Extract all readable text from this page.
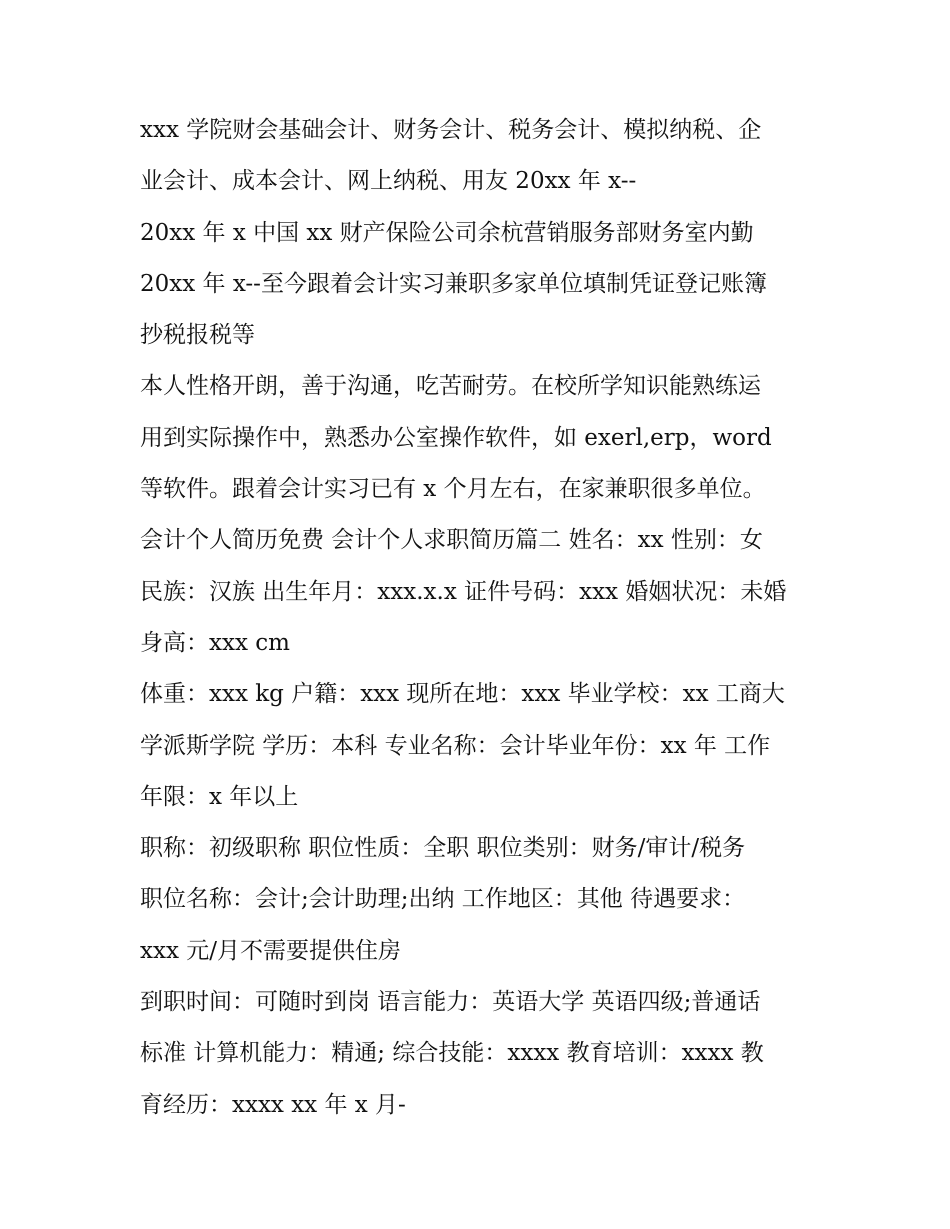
xxx 学院财会基础会计、财务会计、税务会计、模拟纳税、企
业会计、成本会计、网上纳税、用友 20xx 年 x--
20xx 年 x 中国 xx 财产保险公司余杭营销服务部财务室内勤
20xx 年 x--至今跟着会计实习兼职多家单位填制凭证登记账簿
抄税报税等
本人性格开朗，善于沟通，吃苦耐劳。在校所学知识能熟练运
用到实际操作中，熟悉办公室操作软件，如 exerl,erp，word
等软件。跟着会计实习已有 x 个月左右，在家兼职很多单位。
会计个人简历免费 会计个人求职简历篇二 姓名：xx 性别：女
民族：汉族 出生年月：xxx.x.x 证件号码：xxx 婚姻状况：未婚
身高：xxx cm
体重：xxx kg 户籍：xxx 现所在地：xxx 毕业学校：xx 工商大
学派斯学院 学历：本科 专业名称：会计毕业年份：xx 年 工作
年限：x 年以上
职称：初级职称 职位性质：全职 职位类别：财务/审计/税务
职位名称：会计;会计助理;出纳 工作地区：其他 待遇要求：
xxx 元/月不需要提供住房
到职时间：可随时到岗 语言能力：英语大学 英语四级;普通话
标准 计算机能力：精通; 综合技能：xxxx 教育培训：xxxx 教
育经历：xxxx xx 年 x 月-
